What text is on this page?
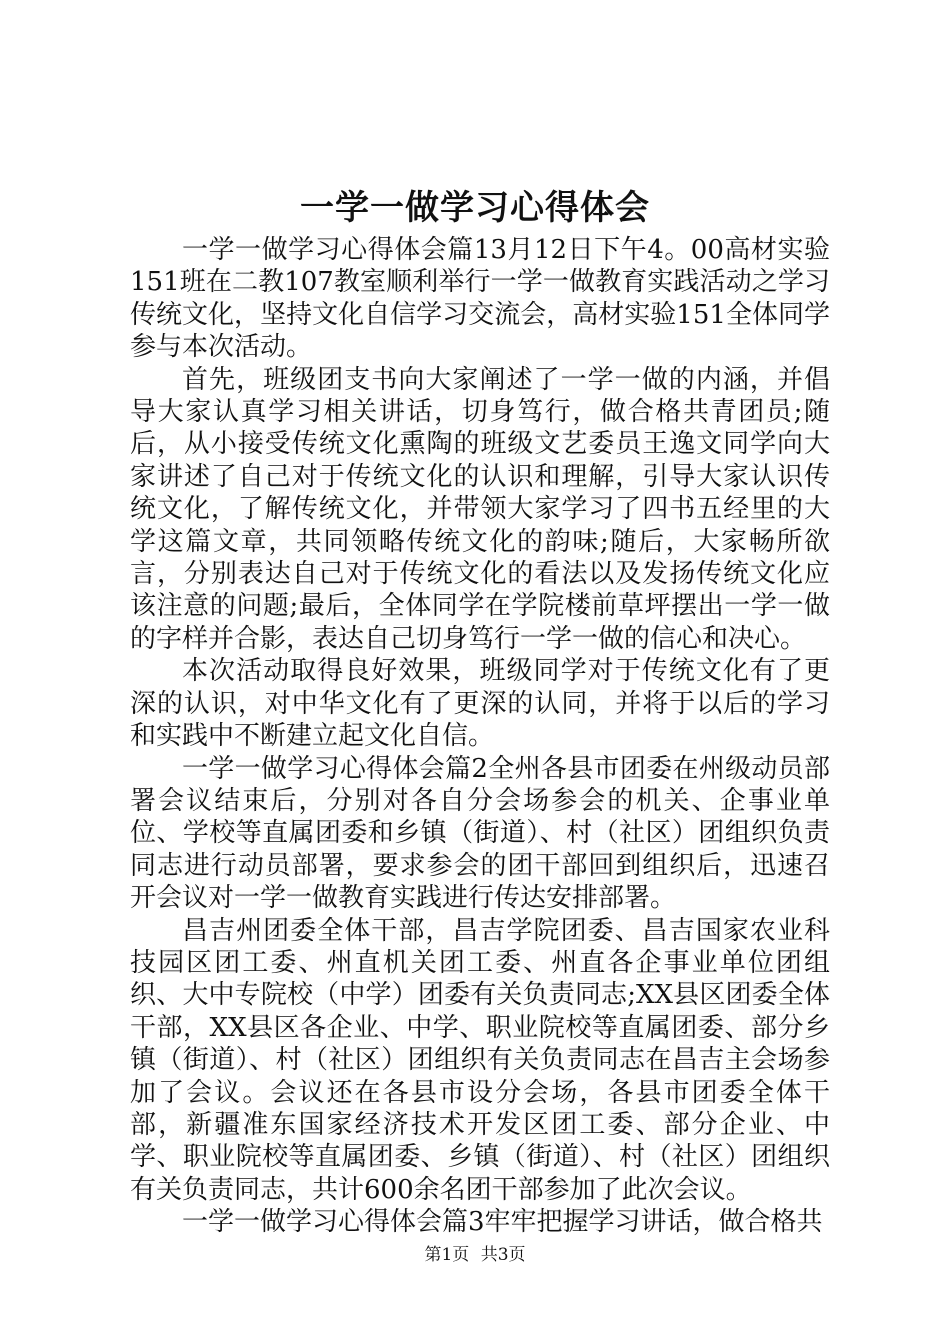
一学一做学习心得体会

一学一做学习心得体会篇13月12日下午4。00高材实验151班在二教107教室顺利举行一学一做教育实践活动之学习传统文化，坚持文化自信学习交流会，高材实验151全体同学参与本次活动。

首先，班级团支书向大家阐述了一学一做的内涵，并倡导大家认真学习相关讲话，切身笃行，做合格共青团员;随后，从小接受传统文化熏陶的班级文艺委员王逸文同学向大家讲述了自己对于传统文化的认识和理解，引导大家认识传统文化，了解传统文化，并带领大家学习了四书五经里的大学这篇文章，共同领略传统文化的韵味;随后，大家畅所欲言，分别表达自己对于传统文化的看法以及发扬传统文化应该注意的问题;最后，全体同学在学院楼前草坪摆出一学一做的字样并合影，表达自己切身笃行一学一做的信心和决心。

本次活动取得良好效果，班级同学对于传统文化有了更深的认识，对中华文化有了更深的认同，并将于以后的学习和实践中不断建立起文化自信。

一学一做学习心得体会篇2全州各县市团委在州级动员部署会议结束后，分别对各自分会场参会的机关、企事业单位、学校等直属团委和乡镇（街道）、村（社区）团组织负责同志进行动员部署，要求参会的团干部回到组织后，迅速召开会议对一学一做教育实践进行传达安排部署。

昌吉州团委全体干部，昌吉学院团委、昌吉国家农业科技园区团工委、州直机关团工委、州直各企事业单位团组织、大中专院校（中学）团委有关负责同志;XX县区团委全体干部，XX县区各企业、中学、职业院校等直属团委、部分乡镇（街道）、村（社区）团组织有关负责同志在昌吉主会场参加了会议。会议还在各县市设分会场，各县市团委全体干部，新疆准东国家经济技术开发区团工委、部分企业、中学、职业院校等直属团委、乡镇（街道）、村（社区）团组织有关负责同志，共计600余名团干部参加了此次会议。

一学一做学习心得体会篇3牢牢把握学习讲话，做合格共

第1页 共3页
